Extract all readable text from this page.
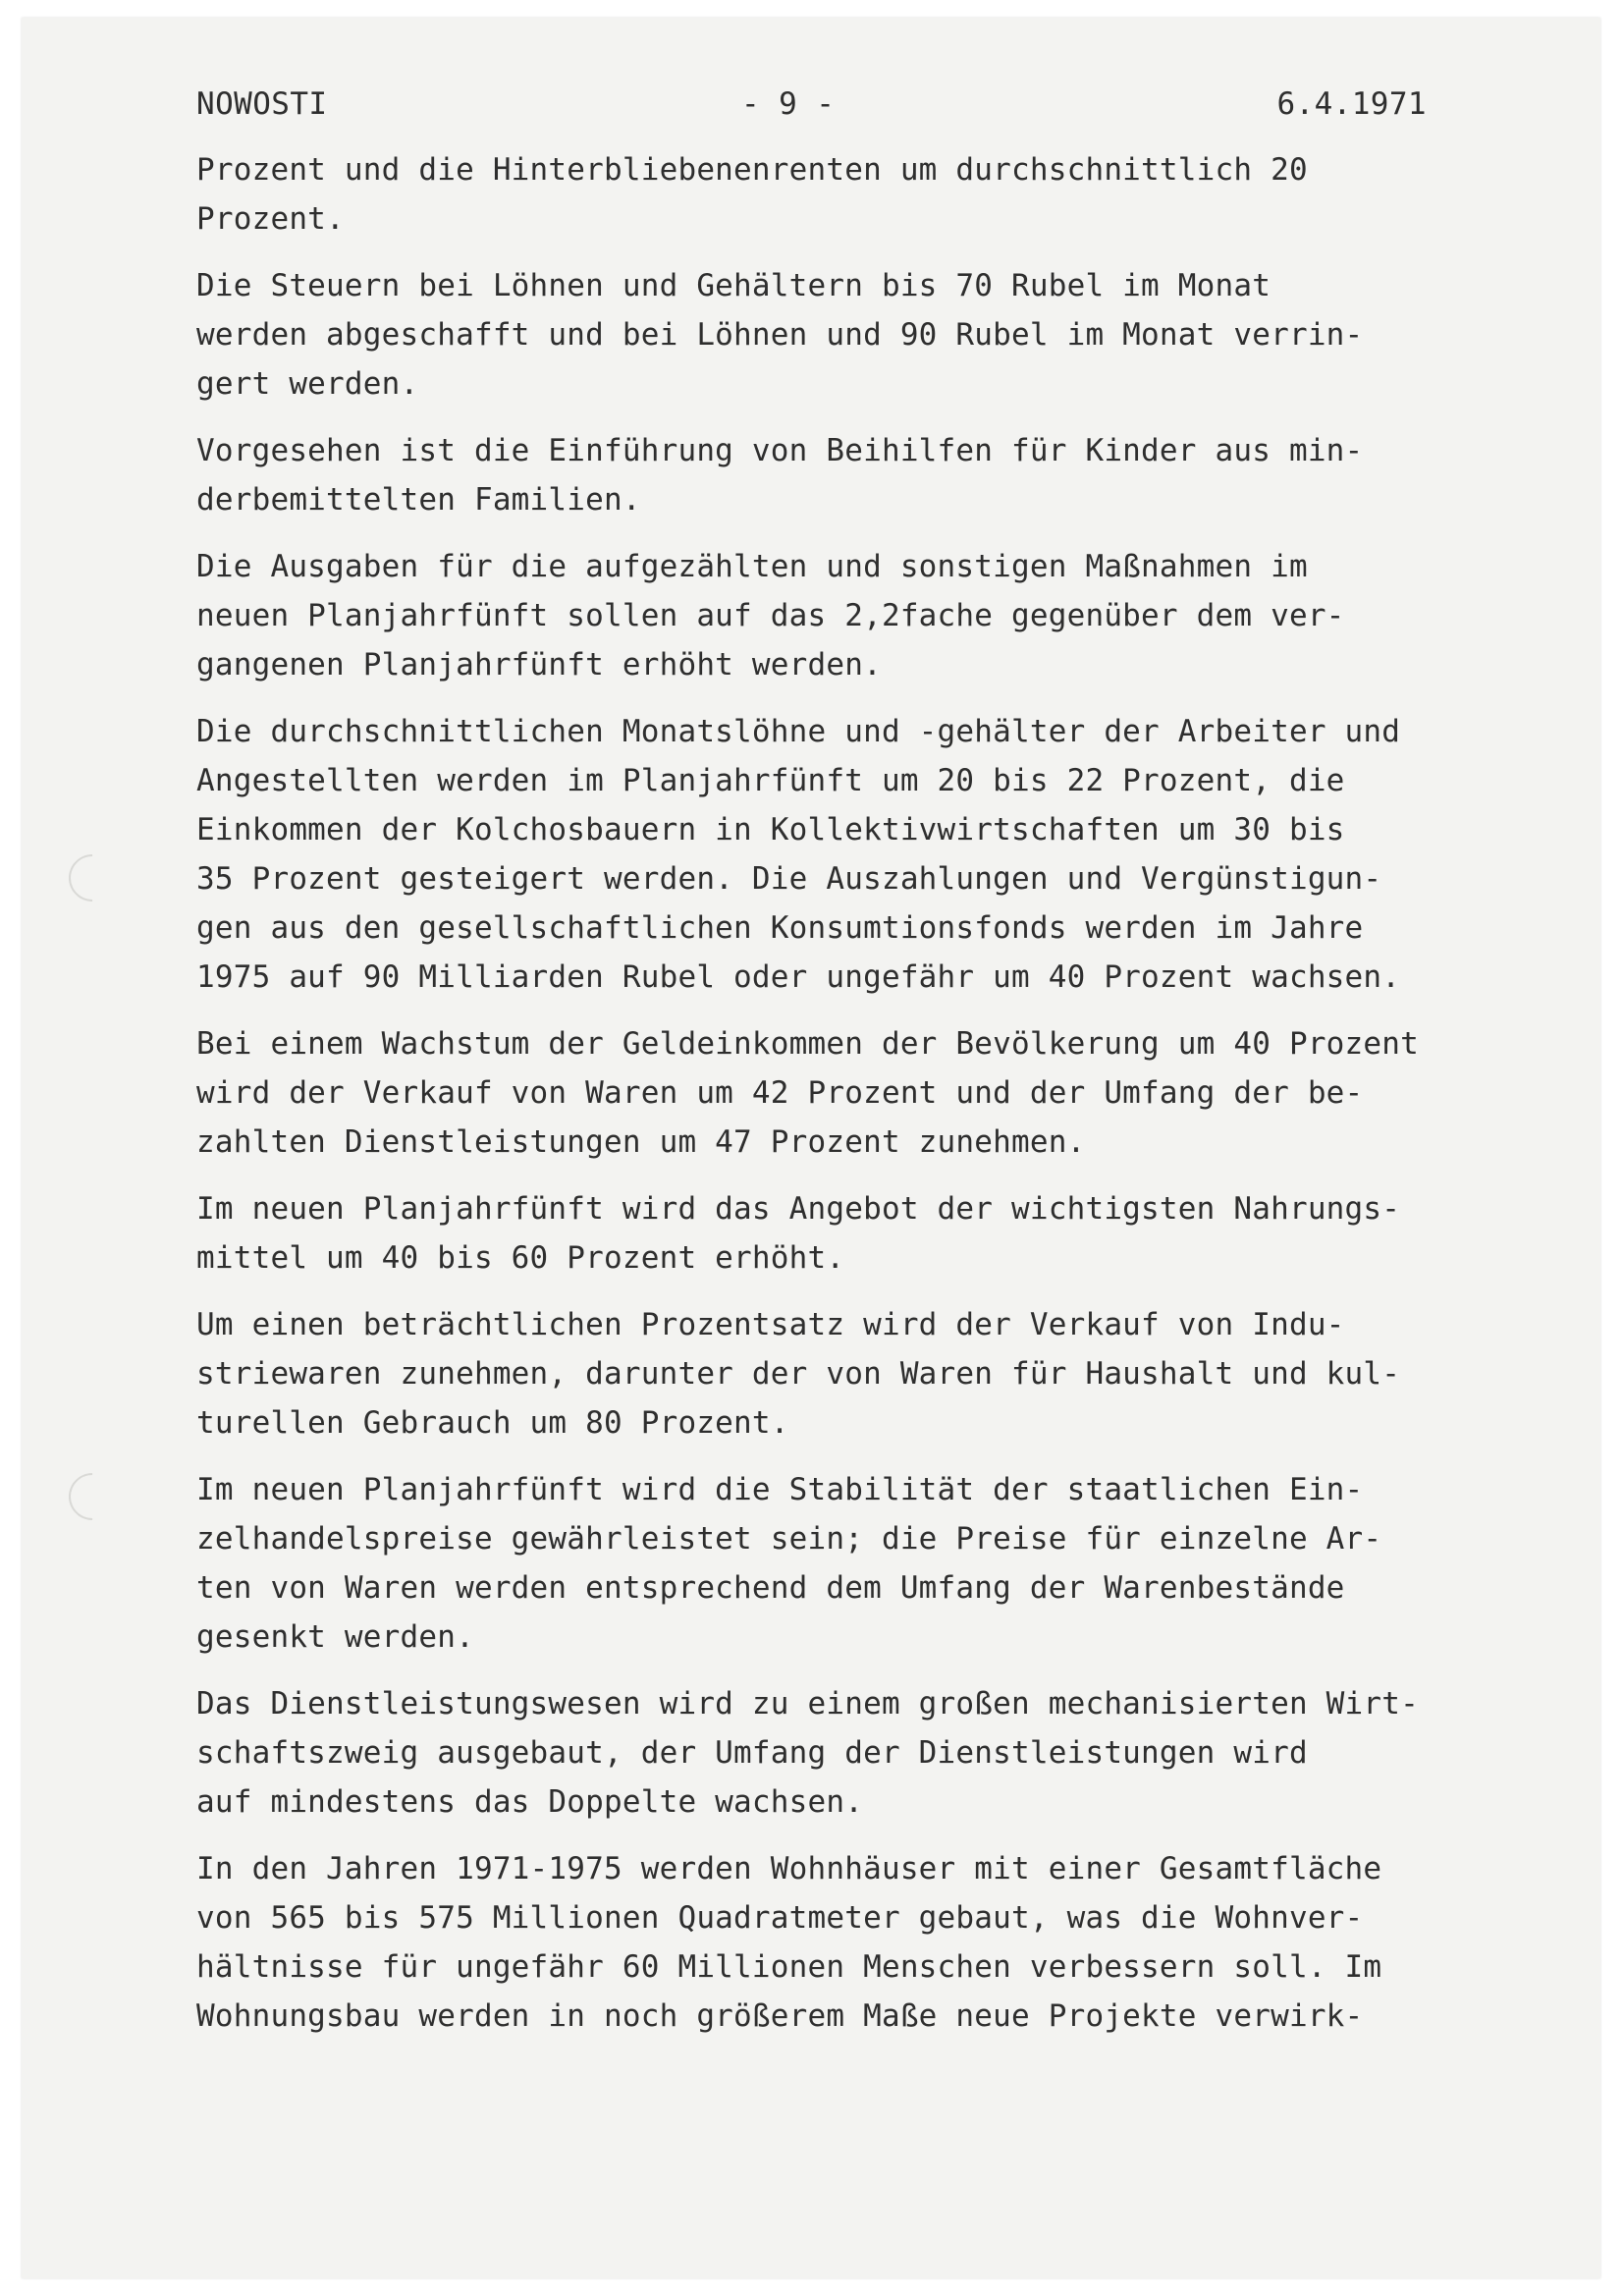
NOWOSTI	- 9 -	6.4.1971

Prozent und die Hinterbliebenenrenten um durchschnittlich 20
Prozent.

Die Steuern bei Löhnen und Gehältern bis 70 Rubel im Monat
werden abgeschafft und bei Löhnen und 90 Rubel im Monat verrin-
gert werden.

Vorgesehen ist die Einführung von Beihilfen für Kinder aus min-
derbemittelten Familien.

Die Ausgaben für die aufgezählten und sonstigen Maßnahmen im
neuen Planjahrfünft sollen auf das 2,2fache gegenüber dem ver-
gangenen Planjahrfünft erhöht werden.

Die durchschnittlichen Monatslöhne und -gehälter der Arbeiter und
Angestellten werden im Planjahrfünft um 20 bis 22 Prozent, die
Einkommen der Kolchosbauern in Kollektivwirtschaften um 30 bis
35 Prozent gesteigert werden. Die Auszahlungen und Vergünstigun-
gen aus den gesellschaftlichen Konsumtionsfonds werden im Jahre
1975 auf 90 Milliarden Rubel oder ungefähr um 40 Prozent wachsen.

Bei einem Wachstum der Geldeinkommen der Bevölkerung um 40 Prozent
wird der Verkauf von Waren um 42 Prozent und der Umfang der be-
zahlten Dienstleistungen um 47 Prozent zunehmen.

Im neuen Planjahrfünft wird das Angebot der wichtigsten Nahrungs-
mittel um 40 bis 60 Prozent erhöht.

Um einen beträchtlichen Prozentsatz wird der Verkauf von Indu-
striewaren zunehmen, darunter der von Waren für Haushalt und kul-
turellen Gebrauch um 80 Prozent.

Im neuen Planjahrfünft wird die Stabilität der staatlichen Ein-
zelhandelspreise gewährleistet sein; die Preise für einzelne Ar-
ten von Waren werden entsprechend dem Umfang der Warenbestände
gesenkt werden.

Das Dienstleistungswesen wird zu einem großen mechanisierten Wirt-
schaftszweig ausgebaut, der Umfang der Dienstleistungen wird
auf mindestens das Doppelte wachsen.

In den Jahren 1971-1975 werden Wohnhäuser mit einer Gesamtfläche
von 565 bis 575 Millionen Quadratmeter gebaut, was die Wohnver-
hältnisse für ungefähr 60 Millionen Menschen verbessern soll. Im
Wohnungsbau werden in noch größerem Maße neue Projekte verwirk-
